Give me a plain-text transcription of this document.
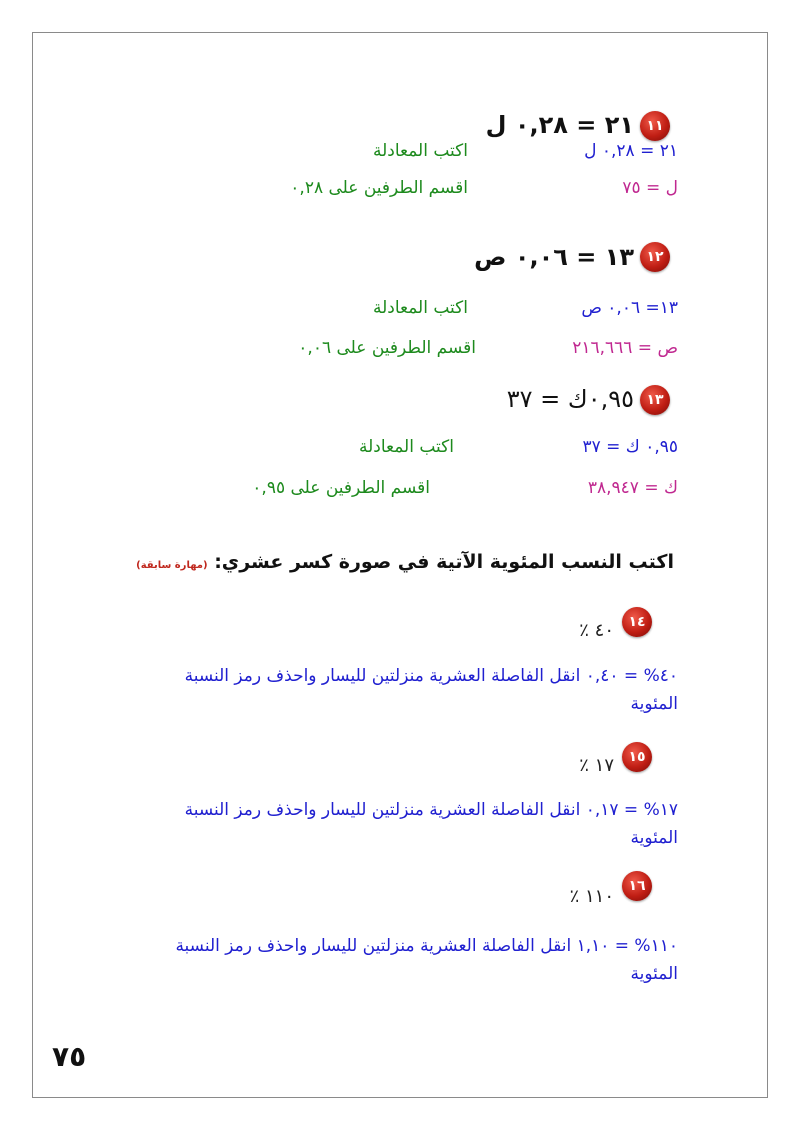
١١
٢١ = ٠,٢٨ ل
٢١ = ٠,٢٨ ل
اكتب المعادلة
ل = ٧٥
اقسم الطرفين على ٠,٢٨
١٢
١٣ = ٠,٠٦ ص
١٣= ٠,٠٦ ص
اكتب المعادلة
ص = ٢١٦,٦٦٦
اقسم الطرفين على ٠,٠٦
١٣
٠,٩٥ك = ٣٧
٠,٩٥ ك = ٣٧
اكتب المعادلة
ك = ٣٨,٩٤٧
اقسم الطرفين على ٠,٩٥
اكتب النسب المئوية الآتية في صورة كسر عشري: (مهارة سابقة)
١٤
٤٠ ٪
٤٠% = ٠,٤٠ انقل الفاصلة العشرية منزلتين لليسار واحذف رمز النسبة المئوية
١٥
١٧ ٪
١٧% = ٠,١٧ انقل الفاصلة العشرية منزلتين لليسار واحذف رمز النسبة المئوية
١٦
١١٠ ٪
١١٠% = ١,١٠ انقل الفاصلة العشرية منزلتين لليسار واحذف رمز النسبة المئوية
٧٥
